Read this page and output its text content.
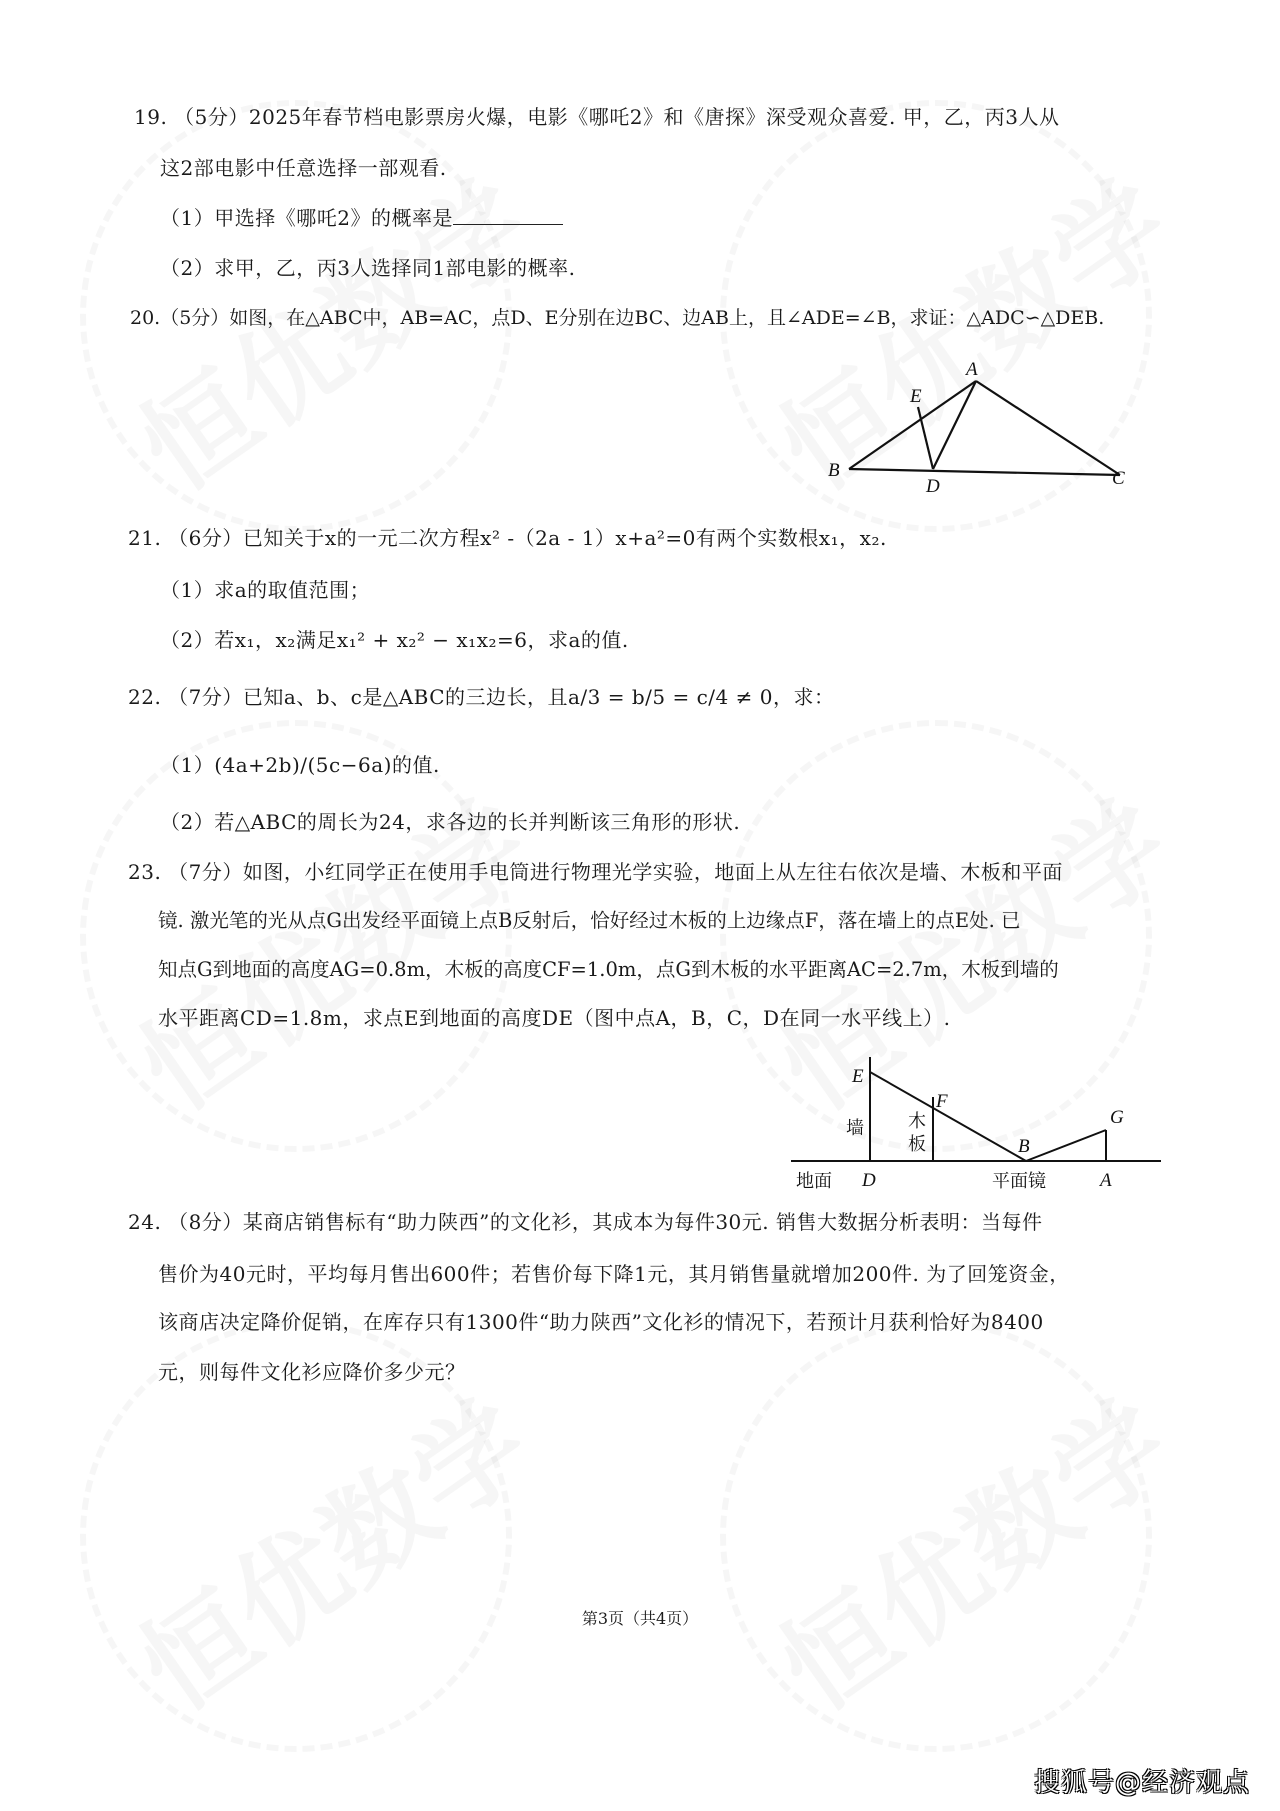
19. （5分）2025年春节档电影票房火爆，电影《哪吒2》和《唐探》深受观众喜爱. 甲，乙，丙3人从
这2部电影中任意选择一部观看.
（1）甲选择《哪吒2》的概率是
（2）求甲，乙，丙3人选择同1部电影的概率.
20.（5分）如图，在△ABC中，AB=AC，点D、E分别在边BC、边AB上，且∠ADE=∠B，求证：△ADC∽△DEB.
21. （6分）已知关于x的一元二次方程x² -（2a - 1）x+a²=0有两个实数根x₁，x₂.
（1）求a的取值范围；
（2）若x₁，x₂满足x₁² + x₂² − x₁x₂=6，求a的值.
22. （7分）已知a、b、c是△ABC的三边长，且a/3 = b/5 = c/4 ≠ 0，求：
（1）(4a+2b)/(5c−6a)的值.
（2）若△ABC的周长为24，求各边的长并判断该三角形的形状.
23. （7分）如图，小红同学正在使用手电筒进行物理光学实验，地面上从左往右依次是墙、木板和平面
镜. 激光笔的光从点G出发经平面镜上点B反射后，恰好经过木板的上边缘点F，落在墙上的点E处. 已
知点G到地面的高度AG=0.8m，木板的高度CF=1.0m，点G到木板的水平距离AC=2.7m，木板到墙的
水平距离CD=1.8m，求点E到地面的高度DE（图中点A，B，C，D在同一水平线上）.
24. （8分）某商店销售标有“助力陕西”的文化衫，其成本为每件30元. 销售大数据分析表明：当每件
售价为40元时，平均每月售出600件；若售价每下降1元，其月销售量就增加200件. 为了回笼资金，
该商店决定降价促销，在库存只有1300件“助力陕西”文化衫的情况下，若预计月获利恰好为8400
元，则每件文化衫应降价多少元？
A
E
B
D	C
E
F
G
B
D	A
墙 木
板
地面	平面镜
第3页（共4页）
搜狐号@经济观点
